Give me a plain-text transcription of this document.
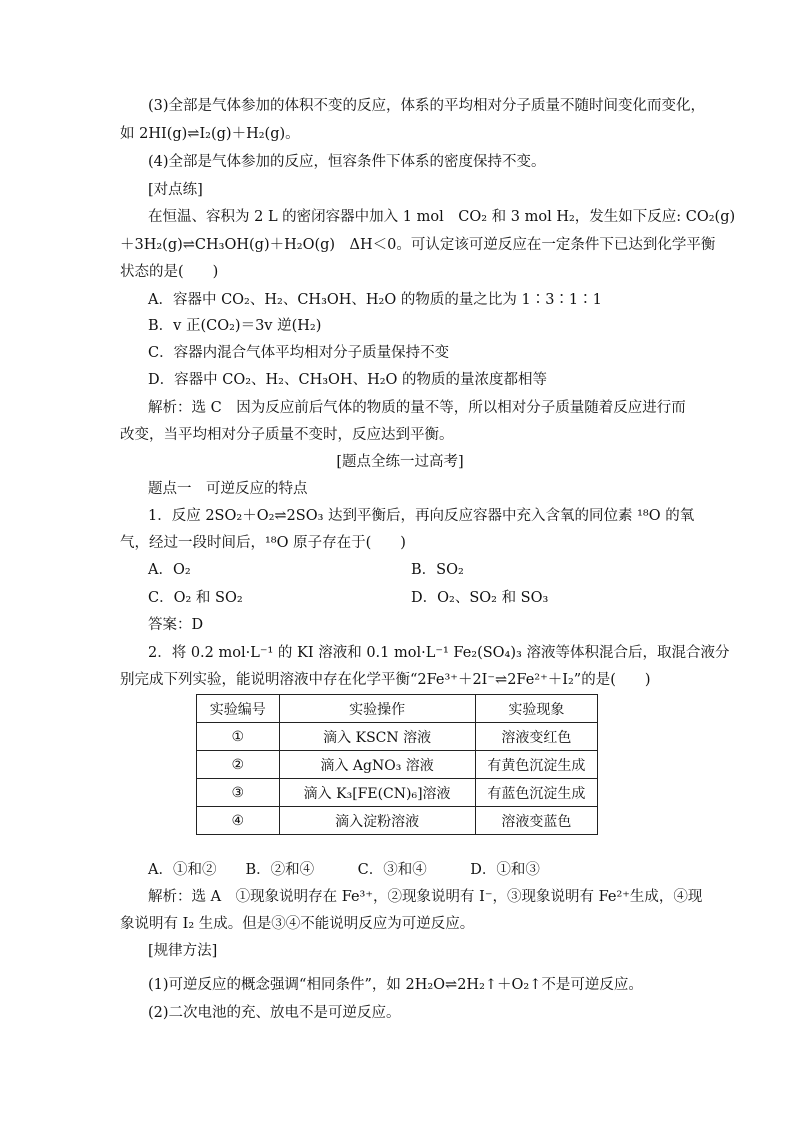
(3)全部是气体参加的体积不变的反应，体系的平均相对分子质量不随时间变化而变化，
如 2HI(g)⇌I₂(g)＋H₂(g)。
(4)全部是气体参加的反应，恒容条件下体系的密度保持不变。
[对点练]
在恒温、容积为 2 L 的密闭容器中加入 1 mol　CO₂ 和 3 mol H₂，发生如下反应: CO₂(g)
＋3H₂(g)⇌CH₃OH(g)＋H₂O(g)　ΔH＜0。可认定该可逆反应在一定条件下已达到化学平衡
状态的是(　　)
A．容器中 CO₂、H₂、CH₃OH、H₂O 的物质的量之比为 1∶3∶1∶1
B．v 正(CO₂)＝3v 逆(H₂)
C．容器内混合气体平均相对分子质量保持不变
D．容器中 CO₂、H₂、CH₃OH、H₂O 的物质的量浓度都相等
解析：选 C　因为反应前后气体的物质的量不等，所以相对分子质量随着反应进行而
改变，当平均相对分子质量不变时，反应达到平衡。
[题点全练一过高考]
题点一　可逆反应的特点
1．反应 2SO₂＋O₂⇌2SO₃ 达到平衡后，再向反应容器中充入含氧的同位素 ¹⁸O 的氧
气，经过一段时间后，¹⁸O 原子存在于(　　)
A．O₂	B．SO₂
C．O₂ 和 SO₂	D．O₂、SO₂ 和 SO₃
答案：D
2．将 0.2 mol·L⁻¹ 的 KI 溶液和 0.1 mol·L⁻¹ Fe₂(SO₄)₃ 溶液等体积混合后，取混合液分
别完成下列实验，能说明溶液中存在化学平衡“2Fe³⁺＋2I⁻⇌2Fe²⁺＋I₂”的是(　　)
实验编号	实验操作	实验现象
①	滴入 KSCN 溶液	溶液变红色
②	滴入 AgNO₃ 溶液	有黄色沉淀生成
③	滴入 K₃[FE(CN)₆]溶液	有蓝色沉淀生成
④	滴入淀粉溶液	溶液变蓝色
A．①和②　　B．②和④　　　C．③和④　　　D．①和③
解析：选 A　①现象说明存在 Fe³⁺，②现象说明有 I⁻，③现象说明有 Fe²⁺生成，④现
象说明有 I₂ 生成。但是③④不能说明反应为可逆反应。
[规律方法]
(1)可逆反应的概念强调“相同条件”，如 2H₂O⇌2H₂↑＋O₂↑不是可逆反应。
(2)二次电池的充、放电不是可逆反应。
